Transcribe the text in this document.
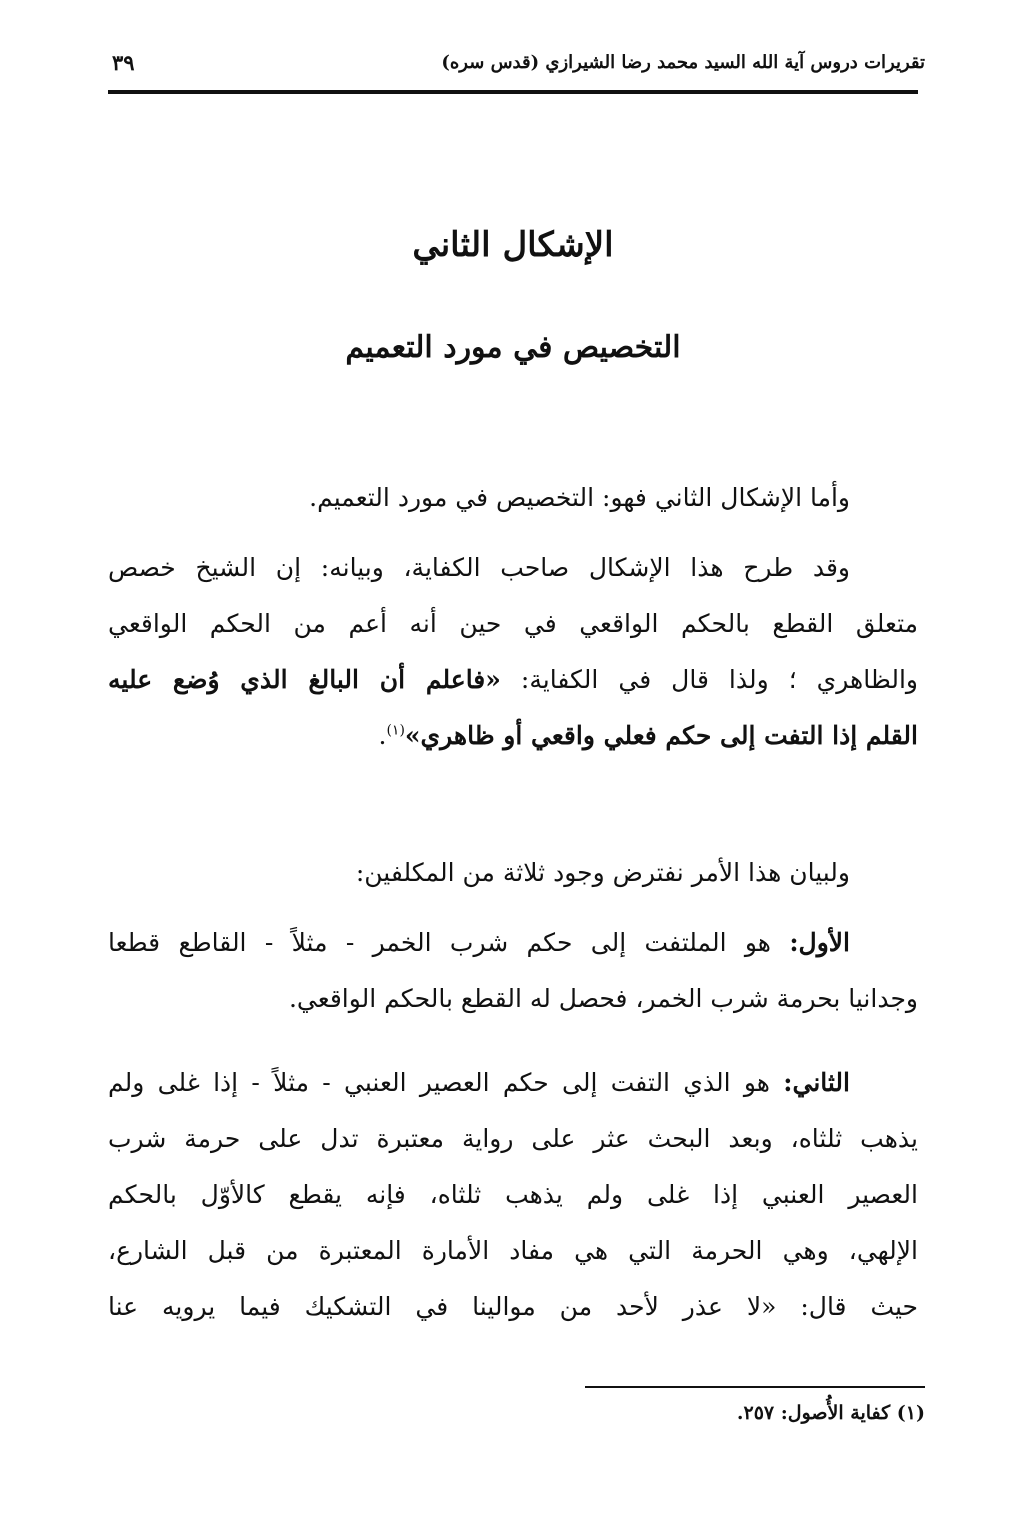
تقريرات دروس آية الله السيد محمد رضا الشيرازي (قدس سره)
٣٩
الإشكال الثاني
التخصيص في مورد التعميم
وأما الإشكال الثاني فهو: التخصيص في مورد التعميم.
وقد طرح هذا الإشكال صاحب الكفاية، وبيانه: إن الشيخ خصص
متعلق القطع بالحكم الواقعي في حين أنه أعم من الحكم الواقعي
والظاهري ؛ ولذا قال في الكفاية: «فاعلم أن البالغ الذي وُضع عليه
القلم إذا التفت إلى حكم فعلي واقعي أو ظاهري»$^{(١)}$.
ولبيان هذا الأمر نفترض وجود ثلاثة من المكلفين:
الأول: هو الملتفت إلى حكم شرب الخمر - مثلاً - القاطع قطعا
وجدانيا بحرمة شرب الخمر، فحصل له القطع بالحكم الواقعي.
الثاني: هو الذي التفت إلى حكم العصير العنبي - مثلاً - إذا غلى ولم
يذهب ثلثاه، وبعد البحث عثر على رواية معتبرة تدل على حرمة شرب
العصير العنبي إذا غلى ولم يذهب ثلثاه، فإنه يقطع كالأوّل بالحكم
الإلهي، وهي الحرمة التي هي مفاد الأمارة المعتبرة من قبل الشارع،
حيث قال: «لا عذر لأحد من موالينا في التشكيك فيما يرويه عنا
(١) كفاية الأُصول: ٢٥٧.
